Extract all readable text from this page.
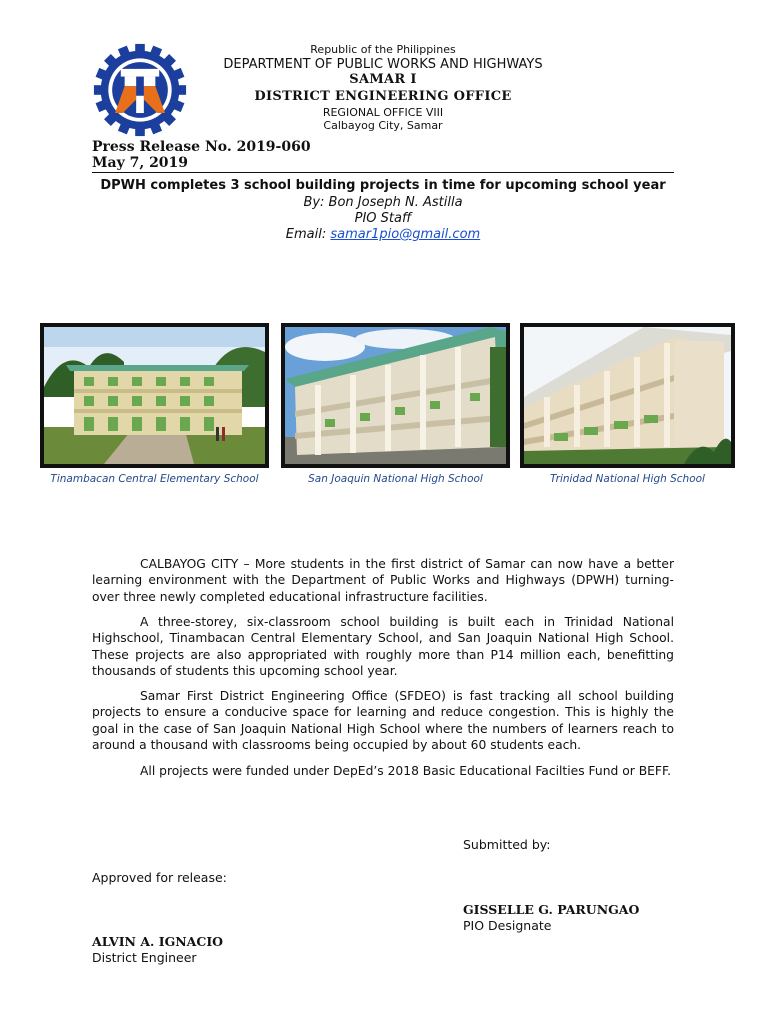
Republic of the Philippines
DEPARTMENT OF PUBLIC WORKS AND HIGHWAYS
SAMAR I
DISTRICT ENGINEERING OFFICE
REGIONAL OFFICE VIII
Calbayog City, Samar
Press Release No. 2019-060
May 7, 2019
DPWH completes 3 school building projects in time for upcoming school year
By: Bon Joseph N. Astilla
PIO Staff
Email: samar1pio@gmail.com
Tinambacan Central Elementary School	San Joaquin National High School	Trinidad National High School

CALBAYOG CITY – More students in the first district of Samar can now have a better learning environment with the Department of Public Works and Highways (DPWH) turning-over three newly completed educational infrastructure facilities.

A three-storey, six-classroom school building is built each in Trinidad National Highschool, Tinambacan Central Elementary School, and San Joaquin National High School. These projects are also appropriated with roughly more than P14 million each, benefitting thousands of students this upcoming school year.

Samar First District Engineering Office (SFDEO) is fast tracking all school building projects to ensure a conducive space for learning and reduce congestion. This is highly the goal in the case of San Joaquin National High School where the numbers of learners reach to around a thousand with classrooms being occupied by about 60 students each.

All projects were funded under DepEd’s 2018 Basic Educational Facilties Fund or BEFF.

Submitted by:
Approved for release:
GISSELLE G. PARUNGAO
PIO Designate
ALVIN A. IGNACIO
District Engineer
